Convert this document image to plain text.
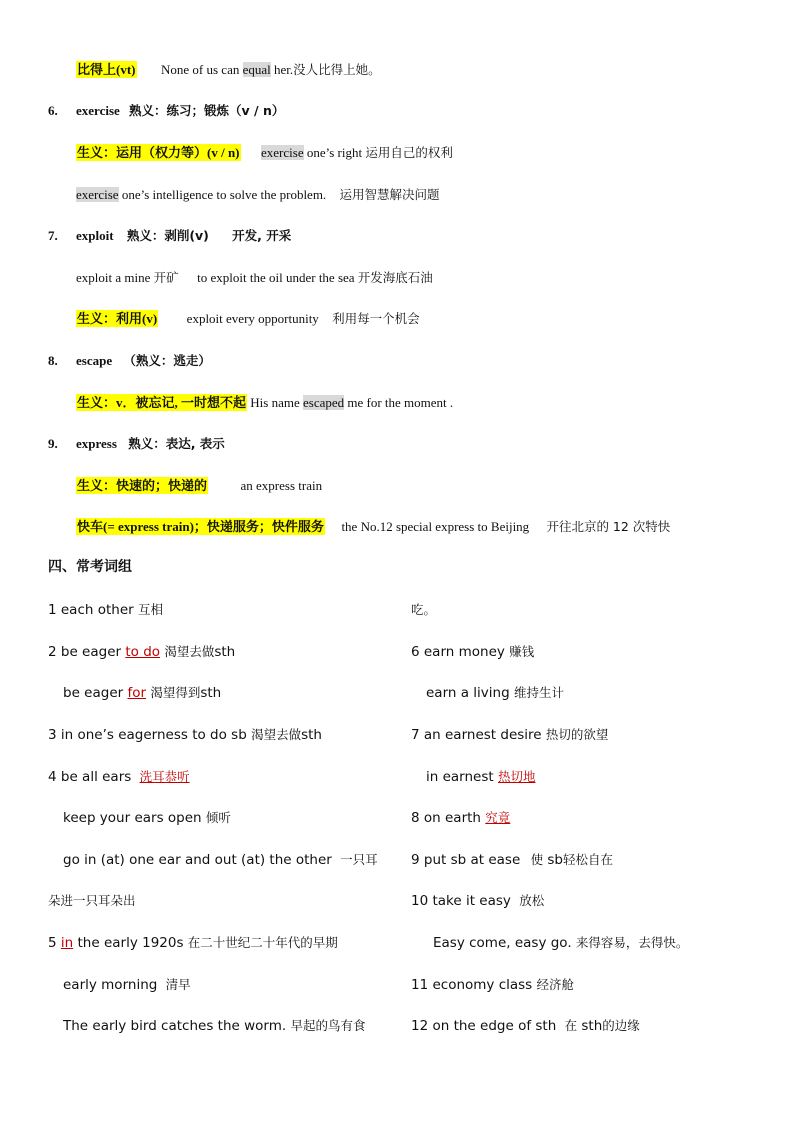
比得上(vt) None of us can equal her.没人比得上她。
6. exercise 熟义：练习；锻炼（v / n）
生义：运用（权力等）(v / n) exercise one’s right 运用自己的权利
exercise one’s intelligence to solve the problem. 运用智慧解决问题
7. exploit 熟义：剥削(v) 开发, 开采
exploit a mine 开矿 to exploit the oil under the sea 开发海底石油
生义：利用(v) exploit every opportunity 利用每一个机会
8. escape （熟义：逃走）
生义：v．被忘记, 一时想不起 His name escaped me for the moment .
9. express 熟义：表达, 表示
生义：快速的；快递的	an express train
快车(= express train)；快递服务；快件服务 the No.12 special express to Beijing 开往北京的 12 次特快
四、常考词组
1 each other 互相
2 be eager to do 渴望去做sth
be eager for 渴望得到sth
3 in one’s eagerness to do sb 渴望去做sth
4 be all ears 洗耳恭听
keep your ears open 倾听
go in (at) one ear and out (at) the other 一只耳
朵进一只耳朵出
5 in the early 1920s 在二十世纪二十年代的早期
early morning 清早
The early bird catches the worm. 早起的鸟有食
吃。
6 earn money 赚钱
earn a living 维持生计
7 an earnest desire 热切的欲望
in earnest 热切地
8 on earth 究竟
9 put sb at ease 使 sb轻松自在
10 take it easy 放松
Easy come, easy go. 来得容易，去得快。
11 economy class 经济舱
12 on the edge of sth 在 sth的边缘
